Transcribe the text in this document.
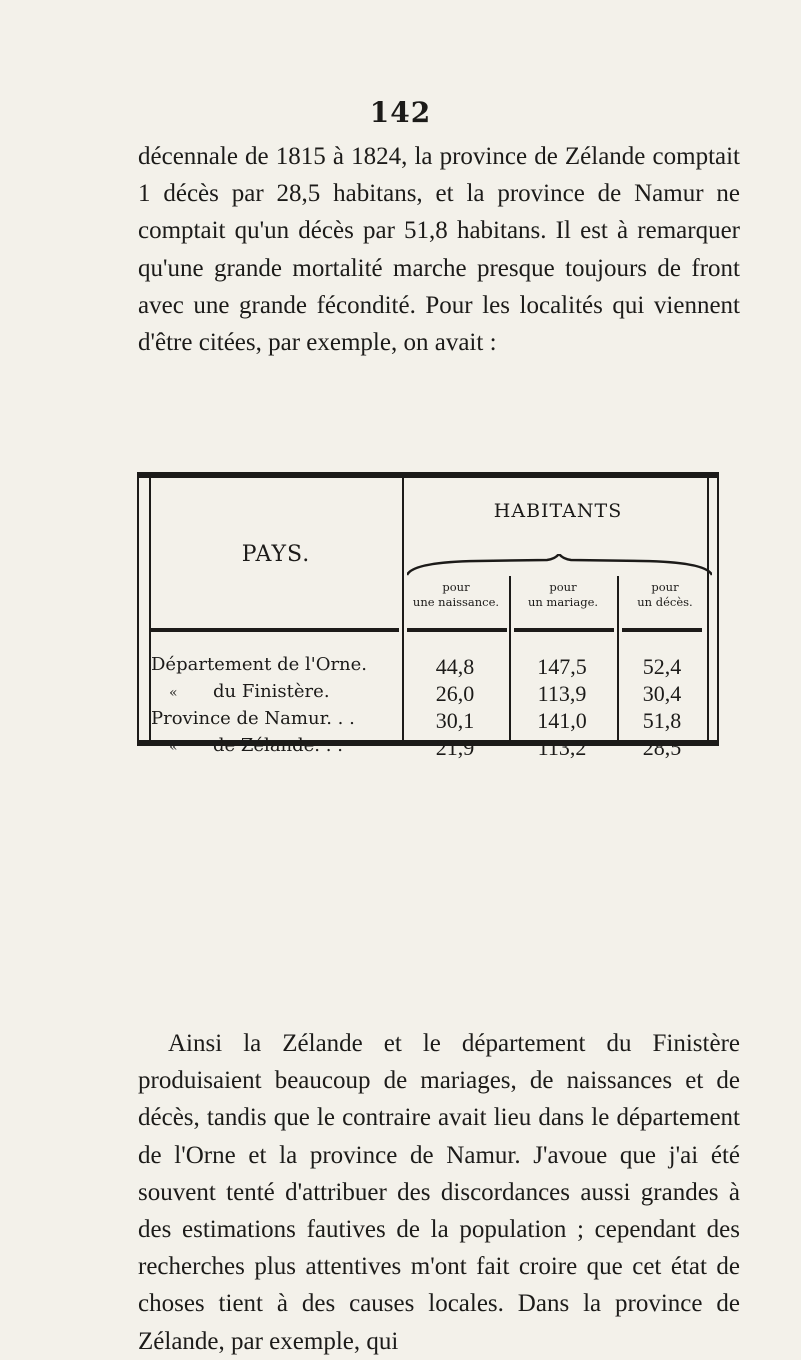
142

décennale de 1815 à 1824, la province de Zélande comptait 1 décès par 28,5 habitans, et la province de Namur ne comptait qu'un décès par 51,8 habitans. Il est à remarquer qu'une grande mortalité marche presque toujours de front avec une grande fécondité. Pour les localités qui viennent d'être citées, par exemple, on avait :

PAYS.
HABITANTS
pour
une naissance.
pour
un mariage.
pour
un décès.
Département de l'Orne.	44,8	147,5	52,4
« du Finistère.	26,0	113,9	30,4
Province de Namur. . .	30,1	141,0	51,8
« de Zélande. . .	21,9	113,2	28,5

Ainsi la Zélande et le département du Finistère produisaient beaucoup de mariages, de naissances et de décès, tandis que le contraire avait lieu dans le département de l'Orne et la province de Namur. J'avoue que j'ai été souvent tenté d'attribuer des discordances aussi grandes à des estimations fautives de la population ; cependant des recherches plus attentives m'ont fait croire que cet état de choses tient à des causes locales. Dans la province de Zélande, par exemple, qui
